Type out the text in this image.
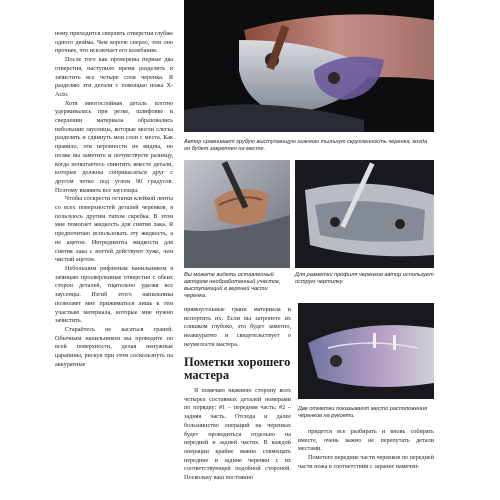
ному приходится сверлить отверстия глубже одного дюйма. Чем короче сверло, тем оно прочнее, что исключает его колебания.

После того как проверены первые два отверстия, наступило время разделить и зачистить все четыре слоя черенка. Я разделяю эти детали с помощью ножа X-Acto.

Хотя многослойная деталь плотно удерживалась при резке, шлифовке и сверлении материала образовались небольшие заусенцы, которые могли слегка разделять и сдвинуть мои слои с места. Как правило, эти неровности не видны, но позже вы заметите и почувствуете разницу, когда попытаетесь свинтить вместе детали, которые должны соприкасаться друг с другом четко под углом 90 градусов. Поэтому выявить все заусенцы.

Чтобы соскрести остатки клейкой ленты со всех поверхностей деталей черенков, я пользуюсь другим типом скребка. В этом мне помогает жидкость для снятия лака. Я предпочитаю использовать эту жидкость, а не ацетон. Ингредиенты жидкости для снятия лака с ногтей действуют хуже, чем чистый ацетон.

Небольшим рифленым напильником я зачищаю просверленные отверстия с обеих сторон деталей, тщательно удаляя все заусенцы. Изгиб этого напильника позволяет мне прижиматься лишь к тем участкам материала, которые мне нужно зачистить.

Старайтесь не касаться граней. Обычным напильником вы проводите по всей поверхности, делая ненужные царапины, рискуя при этом соскользнуть на аккуратные

Автор сравнивает грубую выступающую нижнюю тыльную скругленность черенка, когда он будет закреплен на месте.
Вы можете видеть оставленный автором необработанный участок, выступающий в верхней части черенка.
Для разметки профиля черенков автор использует острую чертилку.

прямоугольные грани материала и испортить их. Если вы затронете их слишком глубоко, это будет заметно, неаккуратно и свидетельствует о неумелости мастера.

Пометки хорошего
мастера

Я помечаю нижнюю сторону всех четырех составных деталей номерами по порядку: #1 – передняя часть; #2 – задняя часть. Отсюда и далее большинство операций на черенках будет проводиться отдельно на передней и задней частях. В каждой операции крайне важно совмещать передние и задние черенки с их соответствующей подобной стороной. Поскольку ваш постоянно

Две отметки показывают место расположения черенков на рукояти.

придется все разбирать и вновь собирать вместе, очень важно не перепутать детали местами.

Пометьте передние части черенков по передней части ножа в соответствии с заранее намечен-
